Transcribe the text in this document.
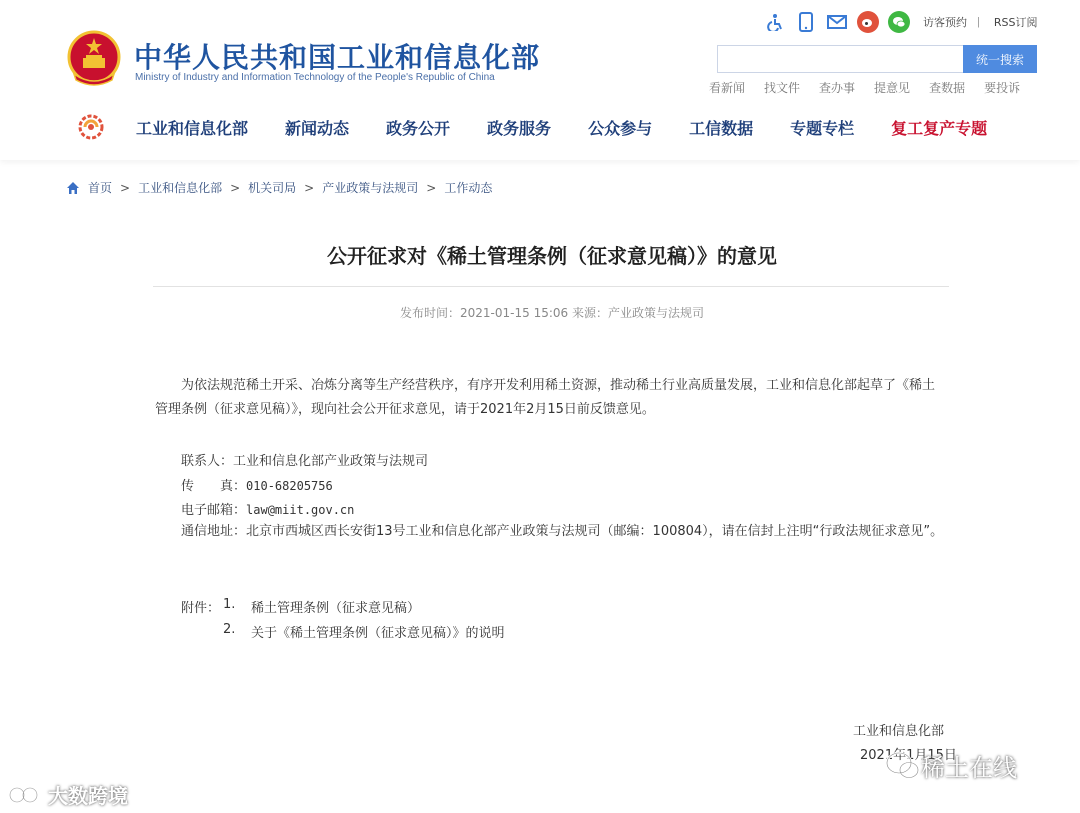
中华人民共和国工业和信息化部
Ministry of Industry and Information Technology of the People's Republic of China
访客预约 | RSS订阅
统一搜索
看新闻 找文件 查办事 提意见 查数据 要投诉
工业和信息化部 新闻动态 政务公开 政务服务 公众参与 工信数据 专题专栏 复工复产专题
首页 > 工业和信息化部 > 机关司局 > 产业政策与法规司 > 工作动态
公开征求对《稀土管理条例（征求意见稿）》的意见
发布时间：2021-01-15 15:06 来源：产业政策与法规司
为依法规范稀土开采、冶炼分离等生产经营秩序，有序开发利用稀土资源，推动稀土行业高质量发展，工业和信息化部起草了《稀土管理条例（征求意见稿）》，现向社会公开征求意见，请于2021年2月15日前反馈意见。
联系人：工业和信息化部产业政策与法规司
传　　真：010-68205756
电子邮箱：law@miit.gov.cn
通信地址：北京市西城区西长安街13号工业和信息化部产业政策与法规司（邮编：100804），请在信封上注明“行政法规征求意见”。
附件： 1. 稀土管理条例（征求意见稿）
2. 关于《稀土管理条例（征求意见稿）》的说明
工业和信息化部
2021年1月15日
大数跨境
稀土在线
